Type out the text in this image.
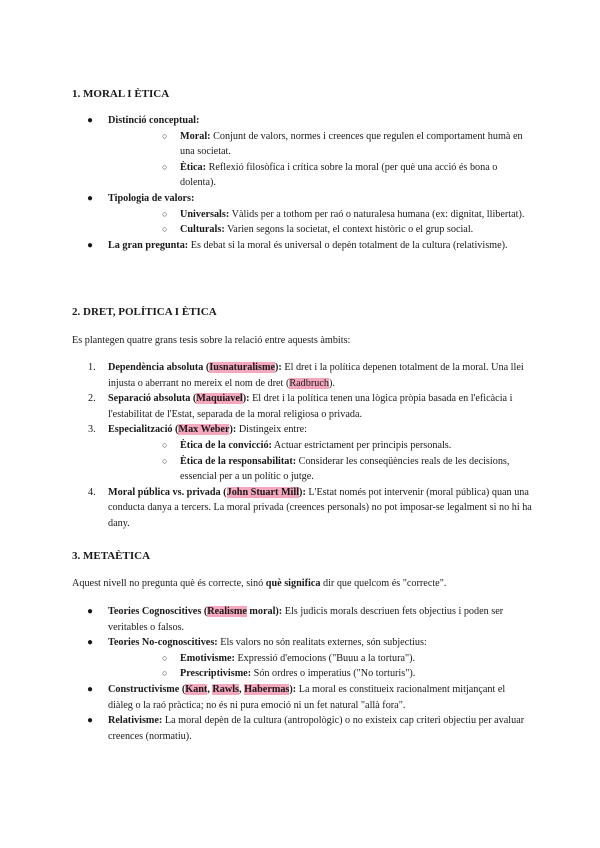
1. MORAL I ÈTICA
● Distinció conceptual:
○ Moral: Conjunt de valors, normes i creences que regulen el comportament humà en una societat.
○ Ètica: Reflexió filosòfica i crítica sobre la moral (per què una acció és bona o dolenta).
● Tipologia de valors:
○ Universals: Vàlids per a tothom per raó o naturalesa humana (ex: dignitat, llibertat).
○ Culturals: Varien segons la societat, el context històric o el grup social.
● La gran pregunta: Es debat si la moral és universal o depèn totalment de la cultura (relativisme).
2. DRET, POLÍTICA I ÈTICA

Es plantegen quatre grans tesis sobre la relació entre aquests àmbits:

1. Dependència absoluta (Iusnaturalisme): El dret i la política depenen totalment de la moral. Una llei injusta o aberrant no mereix el nom de dret (Radbruch).
2. Separació absoluta (Maquiavel): El dret i la política tenen una lògica pròpia basada en l'eficàcia i l'estabilitat de l'Estat, separada de la moral religiosa o privada.
3. Especialització (Max Weber): Distingeix entre:
○ Ètica de la convicció: Actuar estrictament per principis personals.
○ Ètica de la responsabilitat: Considerar les conseqüències reals de les decisions, essencial per a un polític o jutge.
4. Moral pública vs. privada (John Stuart Mill): L'Estat només pot intervenir (moral pública) quan una conducta danya a tercers. La moral privada (creences personals) no pot imposar-se legalment si no hi ha dany.
3. METAÈTICA

Aquest nivell no pregunta què és correcte, sinó què significa dir que quelcom és "correcte".

● Teories Cognoscitives (Realisme moral): Els judicis morals descriuen fets objectius i poden ser veritables o falsos.
● Teories No-cognoscitives: Els valors no són realitats externes, són subjectius:
○ Emotivisme: Expressió d'emocions ("Buuu a la tortura").
○ Prescriptivisme: Són ordres o imperatius ("No torturis").
● Constructivisme (Kant, Rawls, Habermas): La moral es constitueix racionalment mitjançant el diàleg o la raó pràctica; no és ni pura emoció ni un fet natural "allà fora".
● Relativisme: La moral depèn de la cultura (antropològic) o no existeix cap criteri objectiu per avaluar creences (normatiu).
